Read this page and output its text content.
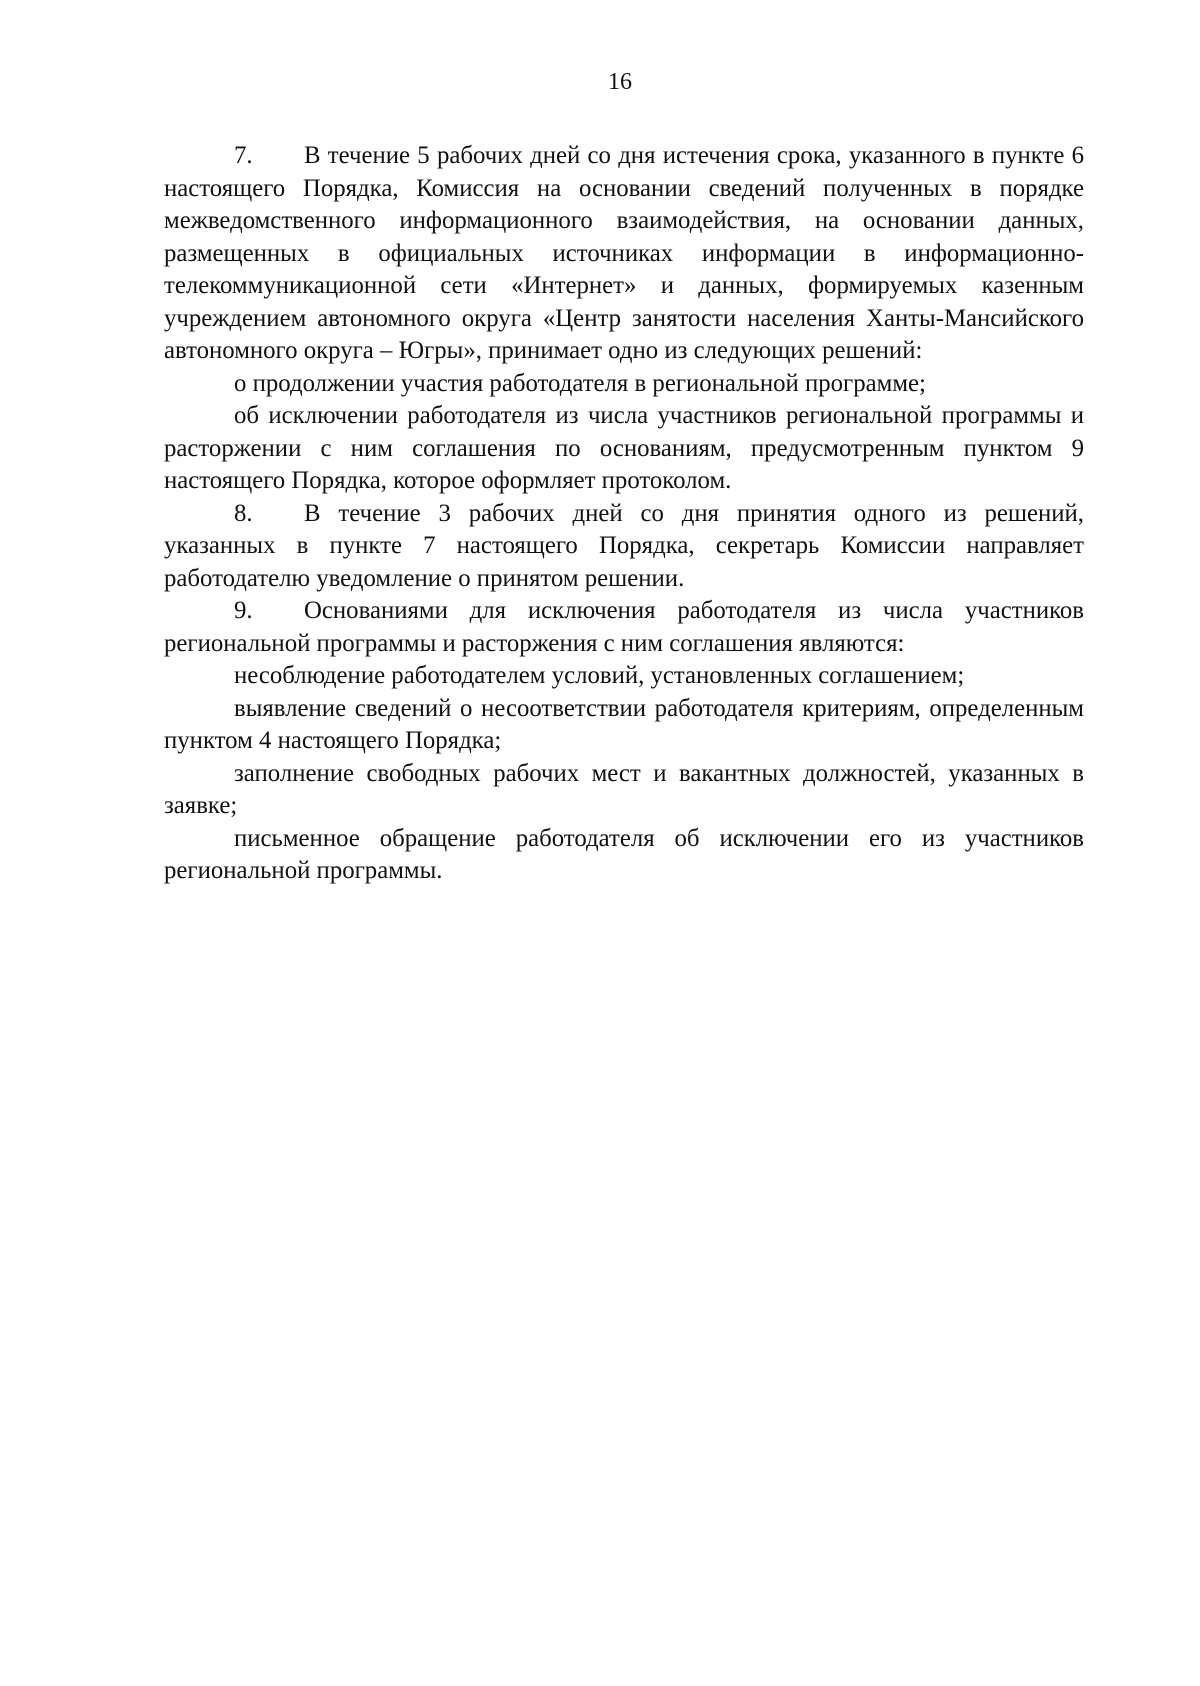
16

7. В течение 5 рабочих дней со дня истечения срока, указанного в пункте 6 настоящего Порядка, Комиссия на основании сведений полученных в порядке межведомственного информационного взаимодействия, на основании данных, размещенных в официальных источниках информации в информационно-телекоммуникационной сети «Интернет» и данных, формируемых казенным учреждением автономного округа «Центр занятости населения Ханты-Мансийского автономного округа – Югры», принимает одно из следующих решений:

о продолжении участия работодателя в региональной программе;

об исключении работодателя из числа участников региональной программы и расторжении с ним соглашения по основаниям, предусмотренным пунктом 9 настоящего Порядка, которое оформляет протоколом.

8. В течение 3 рабочих дней со дня принятия одного из решений, указанных в пункте 7 настоящего Порядка, секретарь Комиссии направляет работодателю уведомление о принятом решении.

9. Основаниями для исключения работодателя из числа участников региональной программы и расторжения с ним соглашения являются:

несоблюдение работодателем условий, установленных соглашением;

выявление сведений о несоответствии работодателя критериям, определенным пунктом 4 настоящего Порядка;

заполнение свободных рабочих мест и вакантных должностей, указанных в заявке;

письменное обращение работодателя об исключении его из участников региональной программы.
